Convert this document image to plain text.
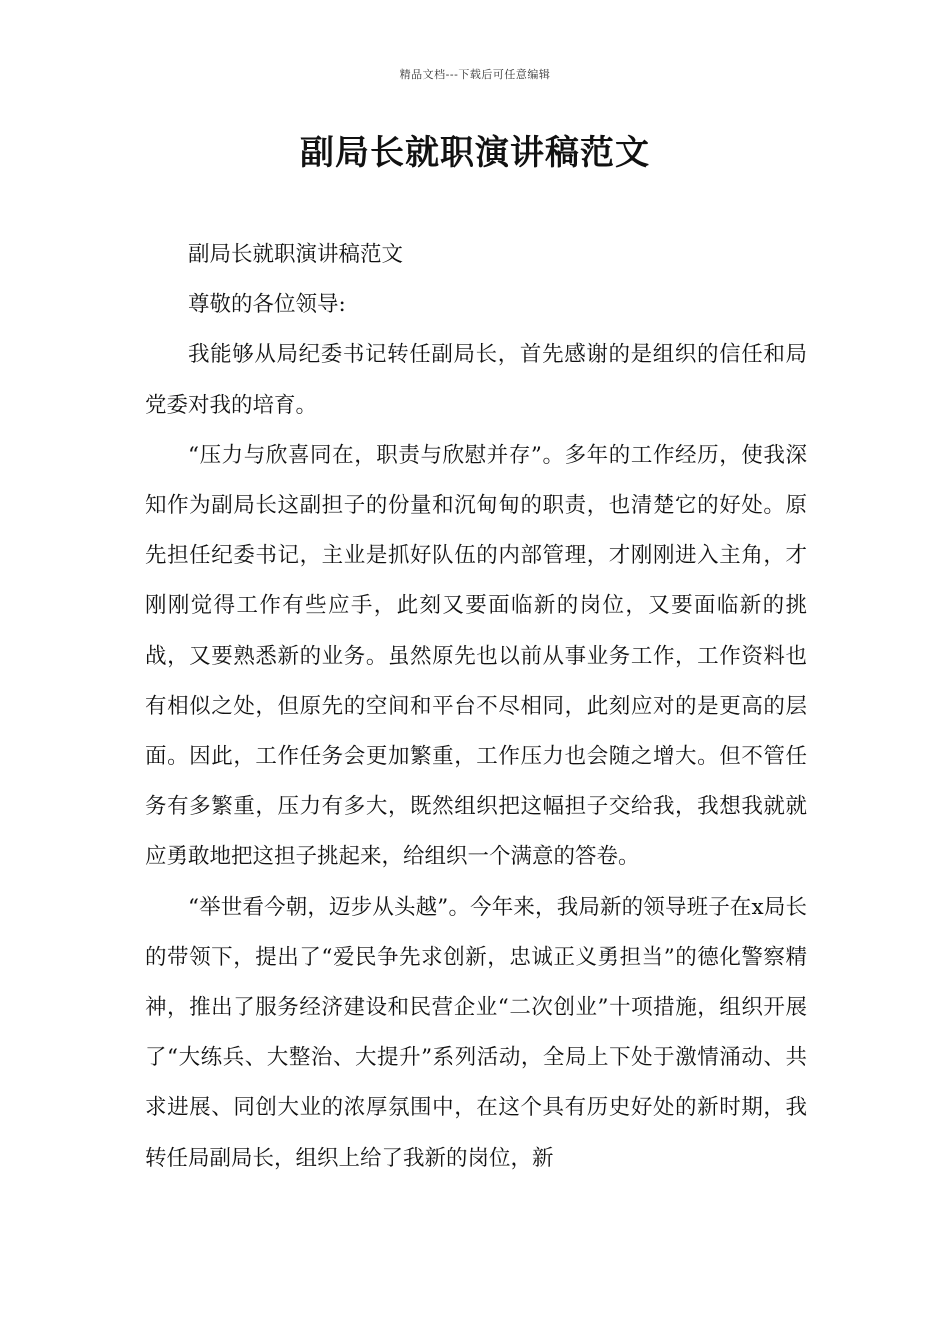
精品文档---下载后可任意编辑
副局长就职演讲稿范文

副局长就职演讲稿范文

尊敬的各位领导:

我能够从局纪委书记转任副局长，首先感谢的是组织的信任和局党委对我的培育。

“压力与欣喜同在，职责与欣慰并存”。多年的工作经历，使我深知作为副局长这副担子的份量和沉甸甸的职责，也清楚它的好处。原先担任纪委书记，主业是抓好队伍的内部管理，才刚刚进入主角，才刚刚觉得工作有些应手，此刻又要面临新的岗位，又要面临新的挑战，又要熟悉新的业务。虽然原先也以前从事业务工作，工作资料也有相似之处，但原先的空间和平台不尽相同，此刻应对的是更高的层面。因此，工作任务会更加繁重，工作压力也会随之增大。但不管任务有多繁重，压力有多大，既然组织把这幅担子交给我，我想我就就应勇敢地把这担子挑起来，给组织一个满意的答卷。

“举世看今朝，迈步从头越”。今年来，我局新的领导班子在x局长的带领下，提出了“爱民争先求创新，忠诚正义勇担当”的德化警察精神，推出了服务经济建设和民营企业“二次创业”十项措施，组织开展了“大练兵、大整治、大提升”系列活动，全局上下处于激情涌动、共求进展、同创大业的浓厚氛围中，在这个具有历史好处的新时期，我转任局副局长，组织上给了我新的岗位，新
